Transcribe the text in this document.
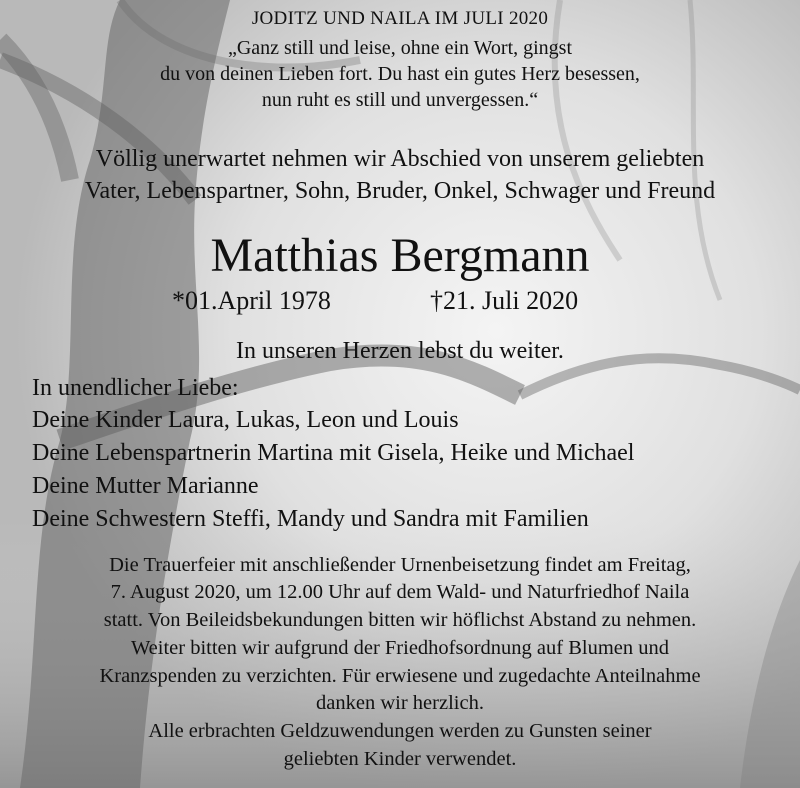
JODITZ UND NAILA IM JULI 2020
„Ganz still und leise, ohne ein Wort, gingst
du von deinen Lieben fort. Du hast ein gutes Herz besessen,
nun ruht es still und unvergessen.“
Völlig unerwartet nehmen wir Abschied von unserem geliebten
Vater, Lebenspartner, Sohn, Bruder, Onkel, Schwager und Freund
Matthias Bergmann
*01.April 1978	†21. Juli 2020
In unseren Herzen lebst du weiter.
In unendlicher Liebe:
Deine Kinder Laura, Lukas, Leon und Louis
Deine Lebenspartnerin Martina mit Gisela, Heike und Michael
Deine Mutter Marianne
Deine Schwestern Steffi, Mandy und Sandra mit Familien
Die Trauerfeier mit anschließender Urnenbeisetzung findet am Freitag,
7. August 2020, um 12.00 Uhr auf dem Wald- und Naturfriedhof Naila
statt. Von Beileidsbekundungen bitten wir höflichst Abstand zu nehmen.
Weiter bitten wir aufgrund der Friedhofsordnung auf Blumen und
Kranzspenden zu verzichten. Für erwiesene und zugedachte Anteilnahme
danken wir herzlich.
Alle erbrachten Geldzuwendungen werden zu Gunsten seiner
geliebten Kinder verwendet.
